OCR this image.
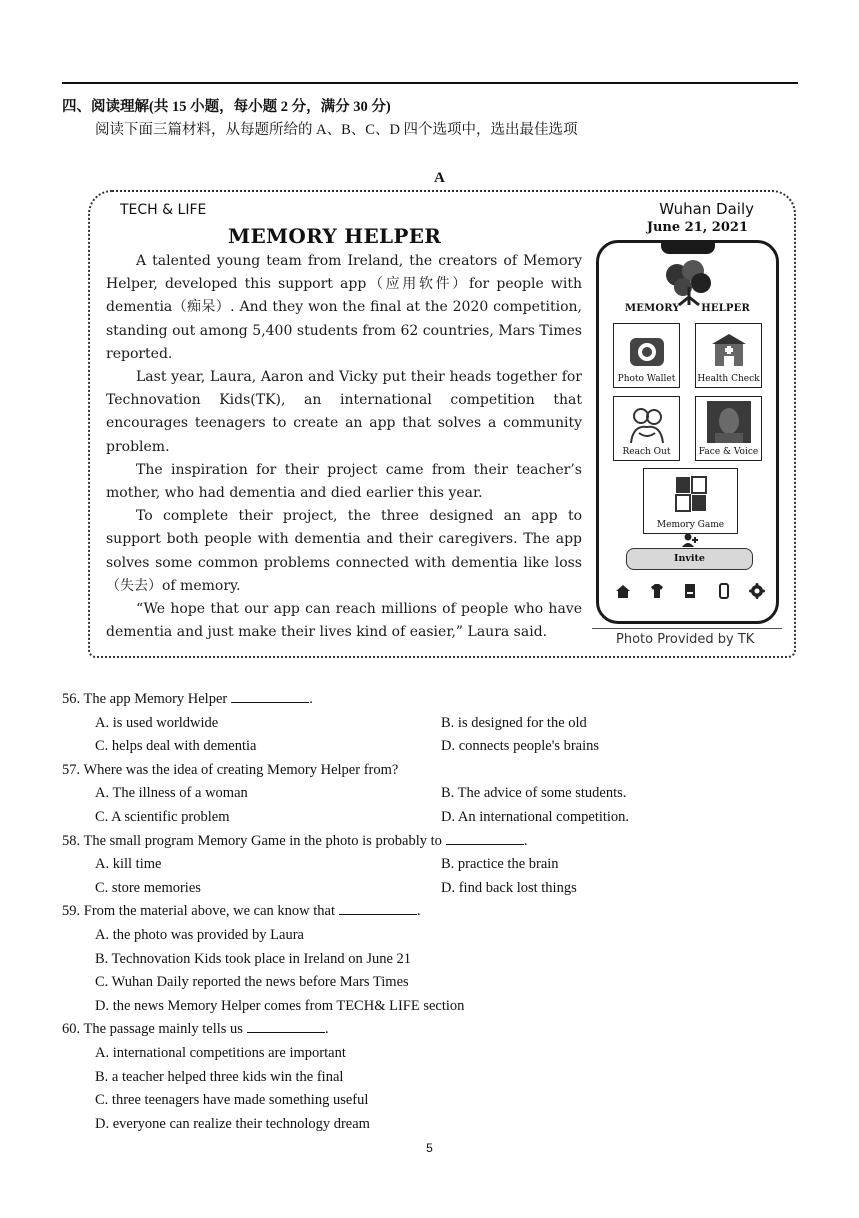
四、阅读理解(共 15 小题，每小题 2 分，满分 30 分)
阅读下面三篇材料，从每题所给的 A、B、C、D 四个选项中，选出最佳选项
A
TECH & LIFE	Wuhan Daily
June 21, 2021
MEMORY HELPER

A talented young team from Ireland, the creators of Memory Helper, developed this support app（应用软件）for people with dementia（痴呆）. And they won the final at the 2020 competition, standing out among 5,400 students from 62 countries, Mars Times reported.

Last year, Laura, Aaron and Vicky put their heads together for Technovation Kids(TK), an international competition that encourages teenagers to create an app that solves a community problem.

The inspiration for their project came from their teacher’s mother, who had dementia and died earlier this year.

To complete their project, the three designed an app to support both people with dementia and their caregivers. The app solves some common problems connected with dementia like loss（失去）of memory.

“We hope that our app can reach millions of people who have dementia and just make their lives kind of easier,” Laura said.

MEMORY HELPER
Photo Wallet	Health Check
Reach Out	Face & Voice
Memory Game
Invite
Photo Provided by TK
56. The app Memory Helper	.
A. is used worldwide	B. is designed for the old
C. helps deal with dementia	D. connects people's brains
57. Where was the idea of creating Memory Helper from?
A. The illness of a woman	B. The advice of some students.
C. A scientific problem	D. An international competition.
58. The small program Memory Game in the photo is probably to	.
A. kill time	B. practice the brain
C. store memories	D. find back lost things
59. From the material above, we can know that	.
A. the photo was provided by Laura
B. Technovation Kids took place in Ireland on June 21
C. Wuhan Daily reported the news before Mars Times
D. the news Memory Helper comes from TECH& LIFE section
60. The passage mainly tells us	.
A. international competitions are important
B. a teacher helped three kids win the final
C. three teenagers have made something useful
D. everyone can realize their technology dream
5
